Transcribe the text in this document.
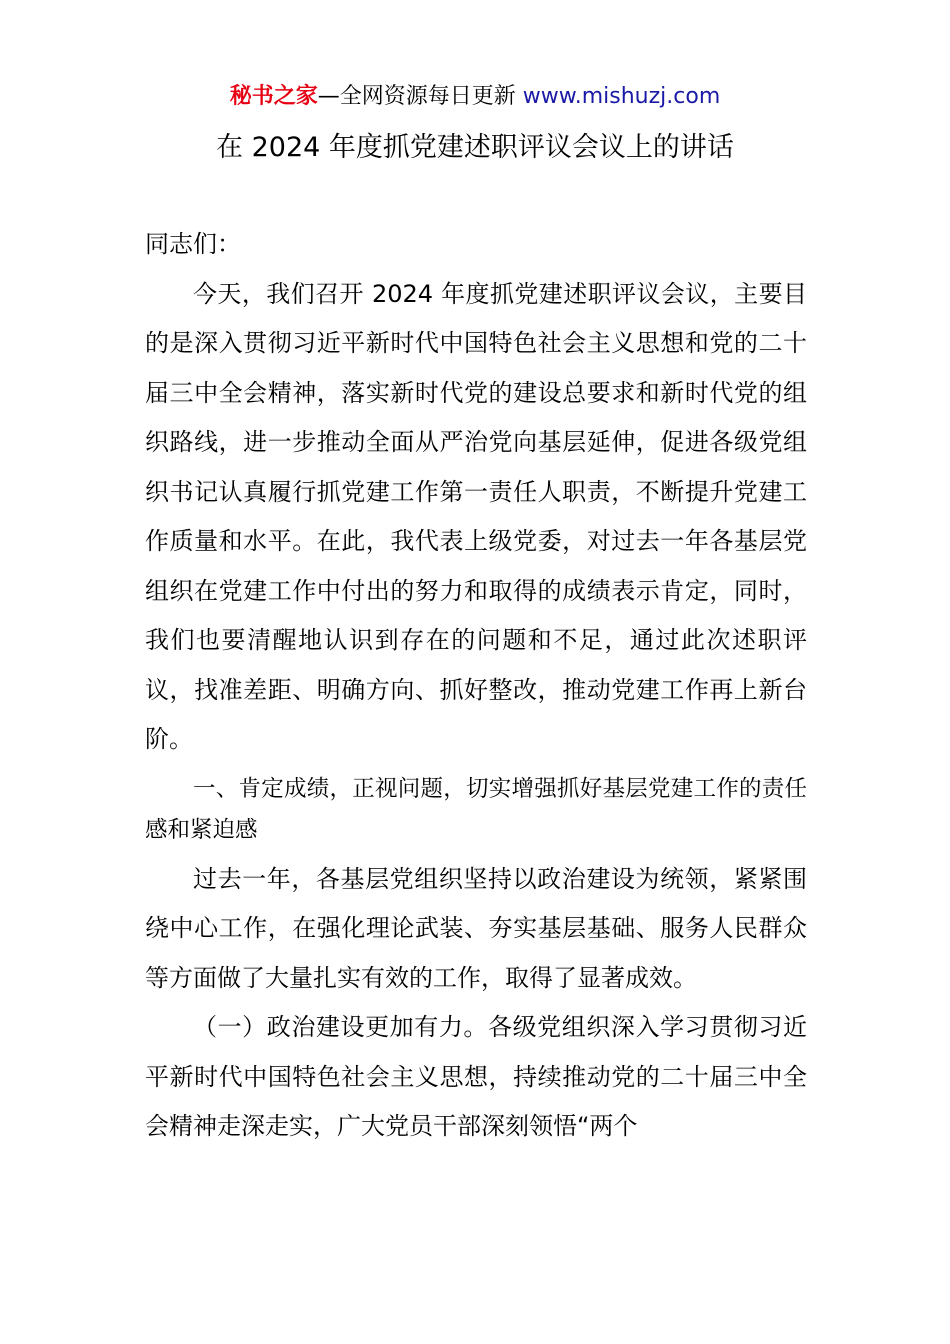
秘书之家—全网资源每日更新 www.mishuzj.com
在 2024 年度抓党建述职评议会议上的讲话

同志们：

今天，我们召开 2024 年度抓党建述职评议会议，主要目的是深入贯彻习近平新时代中国特色社会主义思想和党的二十届三中全会精神，落实新时代党的建设总要求和新时代党的组织路线，进一步推动全面从严治党向基层延伸，促进各级党组织书记认真履行抓党建工作第一责任人职责，不断提升党建工作质量和水平。在此，我代表上级党委，对过去一年各基层党组织在党建工作中付出的努力和取得的成绩表示肯定，同时，我们也要清醒地认识到存在的问题和不足，通过此次述职评议，找准差距、明确方向、抓好整改，推动党建工作再上新台阶。

一、肯定成绩，正视问题，切实增强抓好基层党建工作的责任感和紧迫感

过去一年，各基层党组织坚持以政治建设为统领，紧紧围绕中心工作，在强化理论武装、夯实基层基础、服务人民群众等方面做了大量扎实有效的工作，取得了显著成效。

（一）政治建设更加有力。各级党组织深入学习贯彻习近平新时代中国特色社会主义思想，持续推动党的二十届三中全会精神走深走实，广大党员干部深刻领悟“两个
